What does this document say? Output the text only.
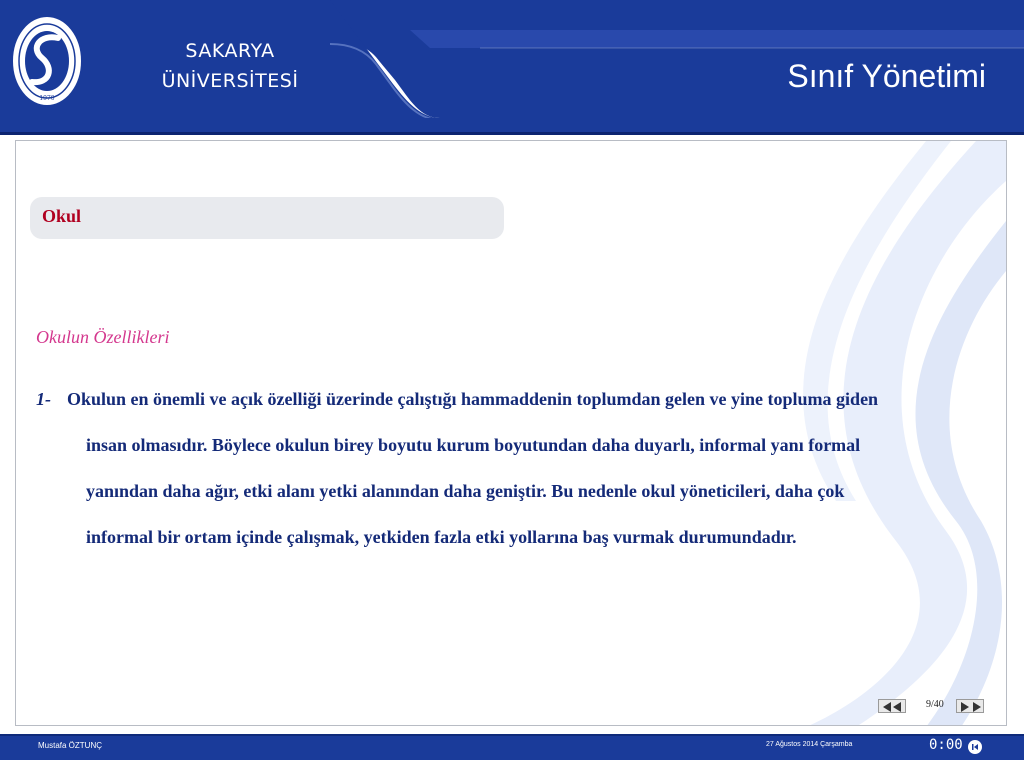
1970
SAKARYA
ÜNİVERSİTESİ	Sınıf Yönetimi
Okul
Okulun Özellikleri
1- Okulun en önemli ve açık özelliği üzerinde çalıştığı hammaddenin toplumdan gelen ve yine topluma giden
insan olmasıdır. Böylece okulun birey boyutu kurum boyutundan daha duyarlı, informal yanı formal
yanından daha ağır, etki alanı yetki alanından daha geniştir. Bu nedenle okul yöneticileri, daha çok
informal bir ortam içinde çalışmak, yetkiden fazla etki yollarına baş vurmak durumundadır.
9/40
Mustafa ÖZTUNÇ	27 Ağustos 2014 Çarşamba	0:00
